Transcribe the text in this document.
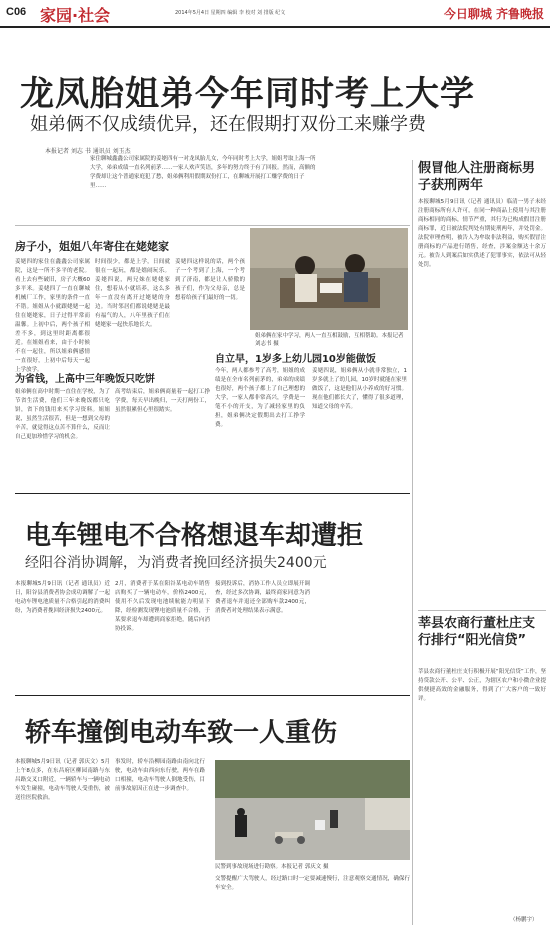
C06 家园·社会	2014年5月4日 星期四 编辑 李 校对 刘 排版 纪文	今日聊城 齐鲁晚报
龙凤胎姐弟今年同时考上大学
姐弟俩不仅成绩优异，还在假期打双份工来赚学费
本报记者 刘志 书 通讯员 刘玉杰
家住聊城鑫鑫公司家属院的姜姥四有一对龙凤胎儿女，今年同时考上大学，姐姐考取上海一所大学，弟弟成绩一直名列前茅……一家人欢声笑语，多年的努力终于有了回报。然而，高额的学费却让这个普通家庭犯了愁，姐弟俩利用假期双份打工，在聊城开展打工赚学费的日子里……
房子小，姐姐八年寄住在姥姥家
姜姥四的家住在鑫鑫公司家属院，这是一所不多平的老院。看上去有些破旧，房子大概60多平米。姜姥四了一直在聊城机械厂工作，家里的条件一直不错。姐姐从小就跟姥姥一起住在姥姥家，日子过得平常而温馨。上初中后，两个孩子相差不多，到这里时距离都很近。在姐姐看来，由于小时候不在一起住，所以姐弟俩感情一直很好，上初中后每天一起上学放学。
时间很少，都是上学，日间就很在一起玩，都是嬉闹玩乐。姜姥四说，两兄妹在姥姥家住，想着从小就培养，这么多年一直没有离开过姥姥的身边。当时邻居们都说姥姥是最有福气的人，八年里孩子们在姥姥家一起快乐地长大。
姜姥四这样说的话，两个孩子一个考到了上海，一个考到了济南，都是让人骄傲的孩子们，作为父母亲，总是想着给孩子们最好的一切。
姐弟俩在家中学习，两人一直互相鼓励，互相帮助。本报记者 刘志书 摄
自立早，1岁多上幼儿园10岁能做饭
今年，两人都参考了高考，姐姐的成绩是在全市名列前茅的，弟弟的成绩也很好，两个孩子都上了自己理想的大学，一家人都非常高兴，学费是一笔不小的开支，为了减轻家里的负担，姐弟俩决定假期出去打工挣学费。
姜姥四说，姐弟俩从小就非常独立，1岁多就上了幼儿园，10岁时就能在家里做饭了，这是他们从小养成的好习惯。现在他们都长大了，懂得了很多道理，知道父母的辛苦。
为省钱，上高中三年晚饭只吃饼
姐弟俩在高中时期一直住在学校，为了节省生活费，他们三年来晚饭都只吃饼，省下的钱用来买学习资料。姐姐说，虽然生活很苦，但是一想到父母的辛苦，就觉得这点苦不算什么，反而让自己更加珍惜学习的机会。
高考结束后，姐弟俩商量着一起打工挣学费，每天早出晚归，一天打两份工，虽然很累但心里很踏实。
电车锂电不合格想退车却遭拒
经阳谷消协调解，为消费者挽回经济损失2400元
本报聊城5月9日讯（记者 通讯员）近日，阳谷县消费者协会成功调解了一起电动车锂电池质量不合格引起的消费纠纷，为消费者挽回经济损失2400元。
2月，消费者于某在阳谷某电动车销售店购买了一辆电动车，价格2400元，使用不久后发现电池续航能力明显下降，经检测发现锂电池质量不合格，于某要求退车却遭到商家拒绝，随后向消协投诉。
接到投诉后，消协工作人员立即展开调查，经过多次协调，最终商家同意为消费者退车并退还全部购车款2400元，消费者对处理结果表示满意。
轿车撞倒电动车致一人重伤
本报聊城5月9日讯（记者 郭庆文）5月上午8点多，在东昌府区柳园南路与东昌路交叉口附近，一辆轿车与一辆电动车发生碰撞，电动车驾驶人受重伤，被送往医院救治。
事发时，轿车沿柳园南路由南向北行驶，电动车由西向东行驶，两车在路口相撞，电动车驾驶人倒地受伤，目前事故原因正在进一步调查中。
民警到事故现场进行勘察。本报记者 郭庆文 摄
交警提醒广大驾驶人，经过路口时一定要减速慢行，注意观察交通情况，确保行车安全。
假冒他人注册商标男子获刑两年
本报聊城5月9日讯（记者 通讯员）临清一男子未经注册商标所有人许可，在同一种商品上使用与其注册商标相同的商标，情节严重，其行为已构成假冒注册商标罪，近日被法院判处有期徒刑两年，并处罚金。法院审理查明，被告人为牟取非法利益，购买假冒注册商标的产品进行销售，经查，涉案金额达十余万元。被告人到案后如实供述了犯罪事实，依法可从轻处罚。
莘县农商行董杜庄支行排行“阳光信贷”
莘县农商行董杜庄支行积极开展“阳光信贷”工作，坚持贷款公开、公平、公正，为辖区农户和小微企业提供便捷高效的金融服务，得到了广大客户的一致好评。
（杨鹏宇）
